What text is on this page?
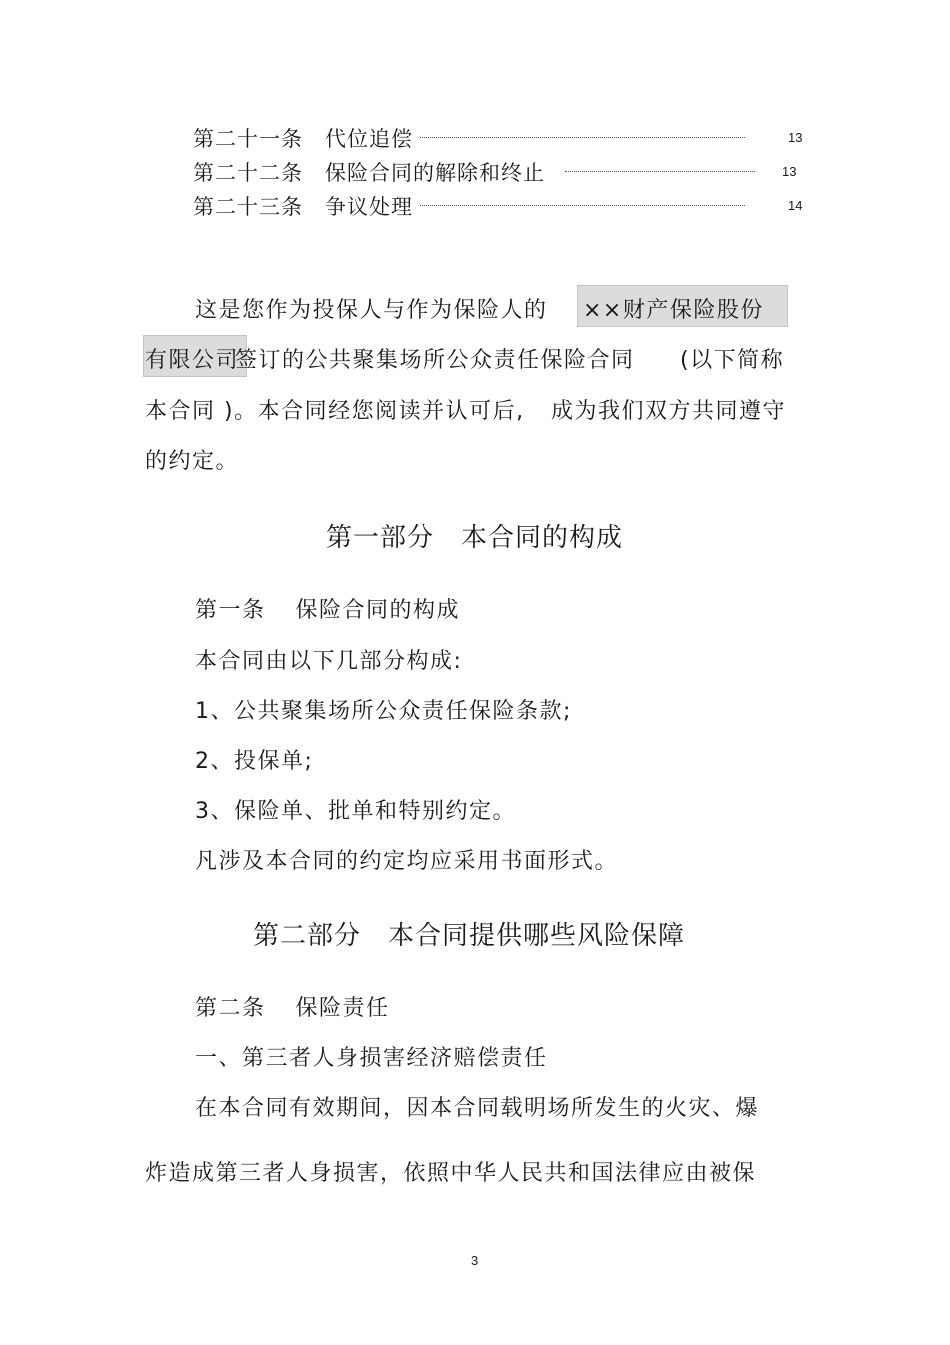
第二十一条 代位追偿	13
第二十二条 保险合同的解除和终止	13
第二十三条 争议处理	14
这是您作为投保人与作为保险人的 ××财产保险股份
有限公司
签订的公共聚集场所公众责任保险合同 (以下简称
本合同 )。本合同经您阅读并认可后, 成为我们双方共同遵守
的约定。
第一部分　本合同的构成
第一条 保险合同的构成
本合同由以下几部分构成:
1、公共聚集场所公众责任保险条款;
2、投保单;
3、保险单、批单和特别约定。
凡涉及本合同的约定均应采用书面形式。
第二部分　本合同提供哪些风险保障
第二条 保险责任
一、第三者人身损害经济赔偿责任
在本合同有效期间，因本合同载明场所发生的火灾、爆
炸造成第三者人身损害，依照中华人民共和国法律应由被保
3
